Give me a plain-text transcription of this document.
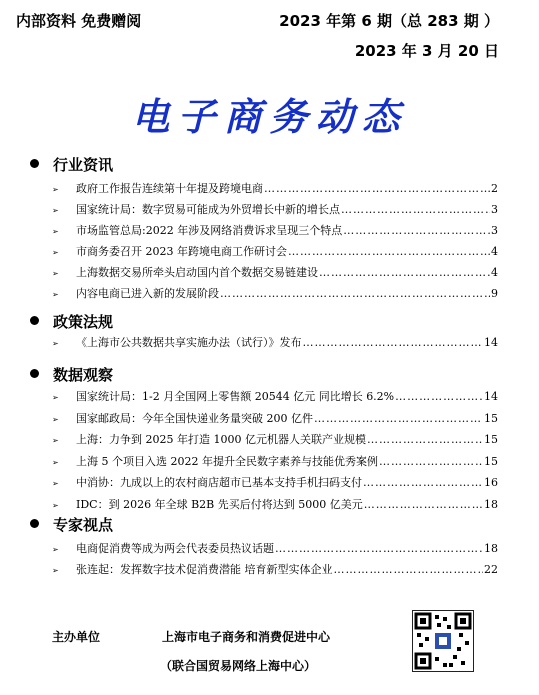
内部资料 免费赠阅	2023 年第 6 期（总 283 期 ）
2023 年 3 月 20 日
电子商务动态
行业资讯
➢	政府工作报告连续第十年提及跨境电商 ……………………………………………………………………………………………………………………	2
➢	国家统计局：数字贸易可能成为外贸增长中新的增长点 ……………………………………………………………………………………………………………………	3
➢	市场监管总局:2022 年涉及网络消费诉求呈现三个特点 ……………………………………………………………………………………………………………………	3
➢	市商务委召开 2023 年跨境电商工作研讨会 ……………………………………………………………………………………………………………………	4
➢	上海数据交易所牵头启动国内首个数据交易链建设 ……………………………………………………………………………………………………………………	4
➢	内容电商已进入新的发展阶段 ……………………………………………………………………………………………………………………	9
政策法规
➢	《上海市公共数据共享实施办法（试行）》发布 ……………………………………………………………………………………………………………………	14
数据观察
➢	国家统计局：1-2 月全国网上零售额 20544 亿元 同比增长 6.2% ……………………………………………………………………………………………………………………	14
➢	国家邮政局：今年全国快递业务量突破 200 亿件 ……………………………………………………………………………………………………………………	15
➢	上海：力争到 2025 年打造 1000 亿元机器人关联产业规模 ……………………………………………………………………………………………………………………	15
➢	上海 5 个项目入选 2022 年提升全民数字素养与技能优秀案例 ……………………………………………………………………………………………………………………	15
➢	中消协：九成以上的农村商店超市已基本支持手机扫码支付 ……………………………………………………………………………………………………………………	16
➢	IDC：到 2026 年全球 B2B 先买后付将达到 5000 亿美元 ……………………………………………………………………………………………………………………	18
专家视点
➢	电商促消费等成为两会代表委员热议话题 ……………………………………………………………………………………………………………………	18
➢	张连起：发挥数字技术促消费潜能 培育新型实体企业 ……………………………………………………………………………………………………………………	22
主办单位	上海市电子商务和消费促进中心
（联合国贸易网络上海中心）
